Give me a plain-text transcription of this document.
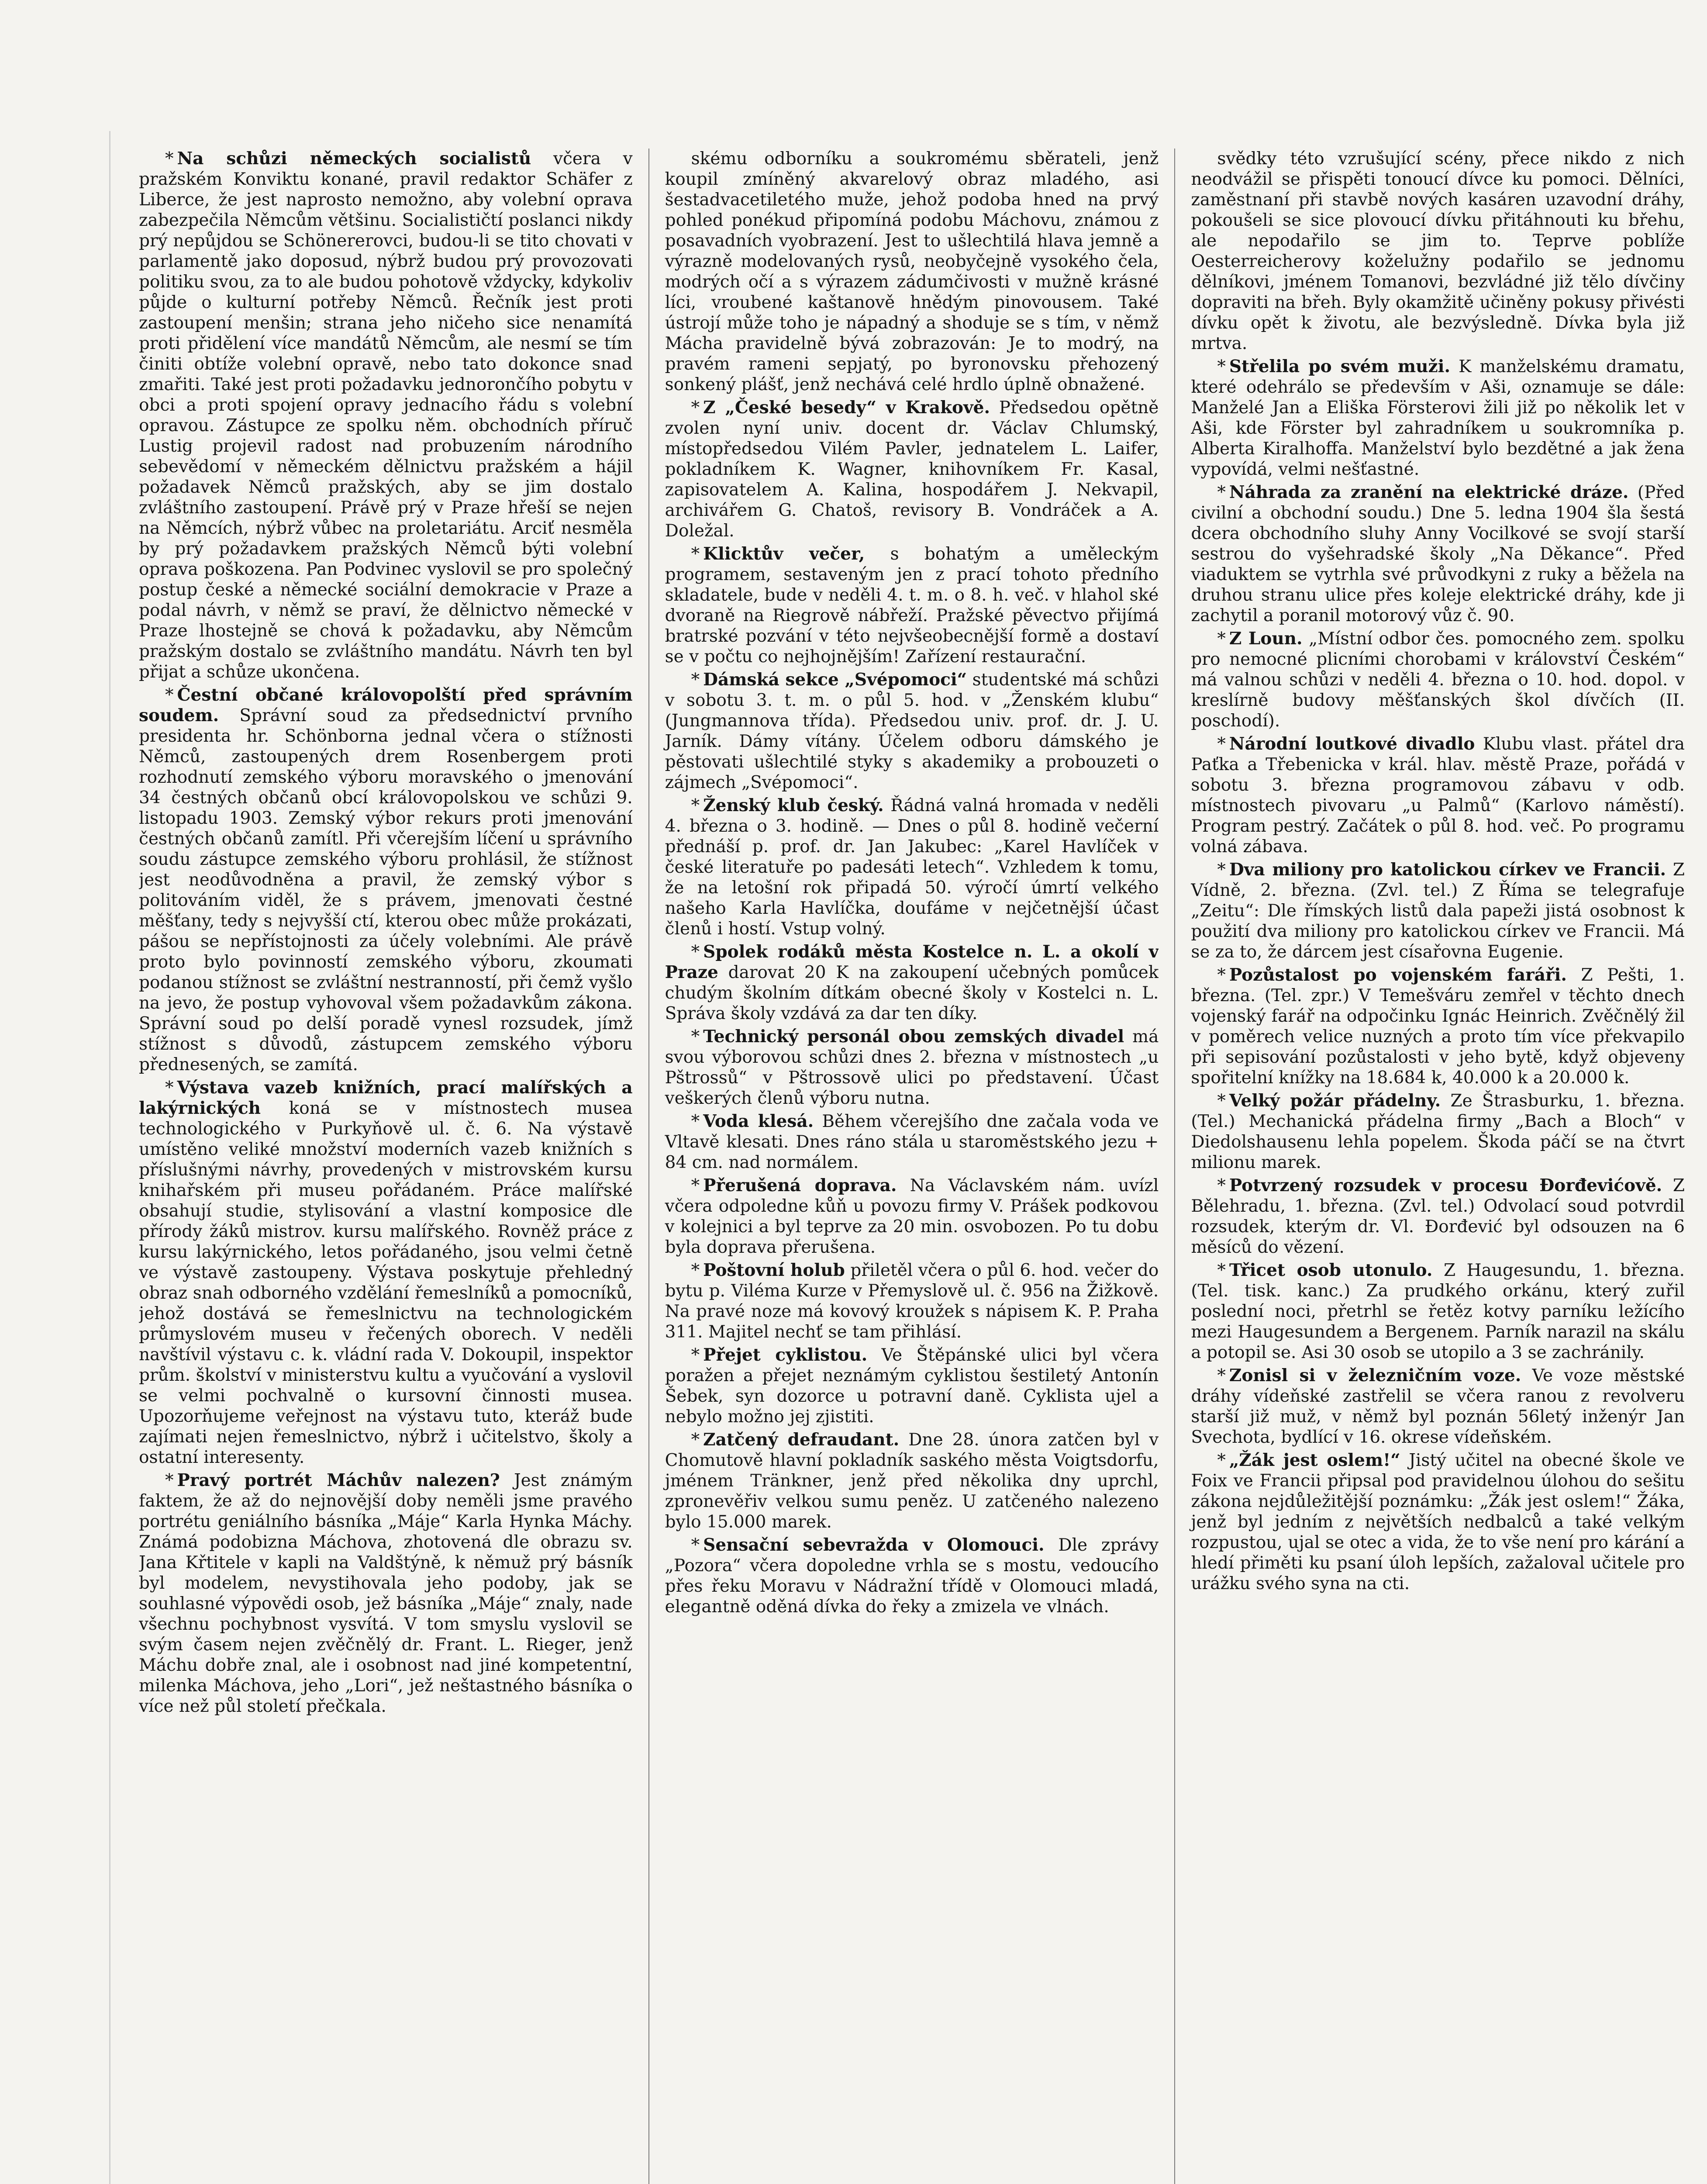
* Na schůzi německých socialistů včera v pražském Konviktu konané, pravil redaktor Schäfer z Liberce, že jest naprosto nemožno, aby volební oprava zabezpečila Němcům většinu. Socialističtí poslanci nikdy prý nepůjdou se Schönererovci, budou-li se tito chovati v parlamentě jako doposud, nýbrž budou prý provozovati politiku svou, za to ale budou pohotově vždycky, kdykoliv půjde o kulturní potřeby Němců. Řečník jest proti zastoupení menšin; strana jeho ničeho sice nenamítá proti přidělení více mandátů Němcům, ale nesmí se tím činiti obtíže volební opravě, nebo tato dokonce snad zmařiti. Také jest proti požadavku jednorončího pobytu v obci a proti spojení opravy jednacího řádu s volební opravou. Zástupce ze spolku něm. obchodních příruč Lustig projevil radost nad probuzením národního sebevědomí v německém dělnictvu pražském a hájil požadavek Němců pražských, aby se jim dostalo zvláštního zastoupení. Právě prý v Praze hřeší se nejen na Němcích, nýbrž vůbec na proletariátu. Arciť nesměla by prý požadavkem pražských Němců býti volební oprava poškozena. Pan Podvinec vyslovil se pro společný postup české a německé sociální demokracie v Praze a podal návrh, v němž se praví, že dělnictvo německé v Praze lhostejně se chová k požadavku, aby Němcům pražským dostalo se zvláštního mandátu. Návrh ten byl přijat a schůze ukončena.

* Čestní občané královopolští před správním soudem. Správní soud za předsednictví prvního presidenta hr. Schönborna jednal včera o stížnosti Němců, zastoupených drem Rosenbergem proti rozhodnutí zemského výboru moravského o jmenování 34 čestných občanů obcí královopolskou ve schůzi 9. listopadu 1903. Zemský výbor rekurs proti jmenování čestných občanů zamítl. Při včerejším líčení u správního soudu zástupce zemského výboru prohlásil, že stížnost jest neodůvodněna a pravil, že zemský výbor s politováním viděl, že s právem, jmenovati čestné měšťany, tedy s nejvyšší ctí, kterou obec může prokázati, pášou se nepřístojnosti za účely volebními. Ale právě proto bylo povinností zemského výboru, zkoumati podanou stížnost se zvláštní nestranností, při čemž vyšlo na jevo, že postup vyhovoval všem požadavkům zákona. Správní soud po delší poradě vynesl rozsudek, jímž stížnost s důvodů, zástupcem zemského výboru přednesených, se zamítá.

* Výstava vazeb knižních, prací malířských a lakýrnických koná se v místnostech musea technologického v Purkyňově ul. č. 6. Na výstavě umístěno veliké množství moderních vazeb knižních s příslušnými návrhy, provedených v mistrovském kursu knihařském při museu pořádaném. Práce malířské obsahují studie, stylisování a vlastní komposice dle přírody žáků mistrov. kursu malířského. Rovněž práce z kursu lakýrnického, letos pořádaného, jsou velmi četně ve výstavě zastoupeny. Výstava poskytuje přehledný obraz snah odborného vzdělání řemeslníků a pomocníků, jehož dostává se řemeslnictvu na technologickém průmyslovém museu v řečených oborech. V neděli navštívil výstavu c. k. vládní rada V. Dokoupil, inspektor prům. školství v ministerstvu kultu a vyučování a vyslovil se velmi pochvalně o kursovní činnosti musea. Upozorňujeme veřejnost na výstavu tuto, kteráž bude zajímati nejen řemeslnictvo, nýbrž i učitelstvo, školy a ostatní interesenty.

* Pravý portrét Máchův nalezen? Jest známým faktem, že až do nejnovější doby neměli jsme pravého portrétu geniálního básníka „Máje“ Karla Hynka Máchy. Známá podobizna Máchova, zhotovená dle obrazu sv. Jana Křtitele v kapli na Valdštýně, k němuž prý básník byl modelem, nevystihovala jeho podoby, jak se souhlasné výpovědi osob, jež básníka „Máje“ znaly, nade všechnu pochybnost vysvítá. V tom smyslu vyslovil se svým časem nejen zvěčnělý dr. Frant. L. Rieger, jenž Máchu dobře znal, ale i osobnost nad jiné kompetentní, milenka Máchova, jeho „Lori“, jež neštastného básníka o více než půl století přečkala.

skému odborníku a soukromému sběrateli, jenž koupil zmíněný akvarelový obraz mladého, asi šestadvacetiletého muže, jehož podoba hned na prvý pohled ponékud připomíná podobu Máchovu, známou z posavadních vyobrazení. Jest to ušlechtilá hlava jemně a výrazně modelovaných rysů, neobyčejně vysokého čela, modrých očí a s výrazem zádumčivosti v mužně krásné líci, vroubené kaštanově hnědým pinovousem. Také ústrojí může toho je nápadný a shoduje se s tím, v němž Mácha pravidelně bývá zobrazován: Je to modrý, na pravém rameni sepjatý, po byronovsku přehozený sonkený plášť, jenž nechává celé hrdlo úplně obnažené.

* Z „České besedy“ v Krakově. Předsedou opětně zvolen nyní univ. docent dr. Václav Chlumský, místopředsedou Vilém Pavler, jednatelem L. Laifer, pokladníkem K. Wagner, knihovníkem Fr. Kasal, zapisovatelem A. Kalina, hospodářem J. Nekvapil, archivářem G. Chatoš, revisory B. Vondráček a A. Doležal.

* Klicktův večer, s bohatým a uměleckým programem, sestaveným jen z prací tohoto předního skladatele, bude v neděli 4. t. m. o 8. h. več. v hlahol ské dvoraně na Riegrově nábřeží. Pražské pěvectvo přijímá bratrské pozvání v této nejvšeobecnější formě a dostaví se v počtu co nejhojnějším! Zařízení restaurační.

* Dámská sekce „Svépomoci“ studentské má schůzi v sobotu 3. t. m. o půl 5. hod. v „Ženském klubu“ (Jungmannova třída). Předsedou univ. prof. dr. J. U. Jarník. Dámy vítány. Účelem odboru dámského je pěstovati ušlechtilé styky s akademiky a probouzeti o zájmech „Svépomoci“.

* Ženský klub český. Řádná valná hromada v neděli 4. března o 3. hodině. — Dnes o půl 8. hodině večerní přednáší p. prof. dr. Jan Jakubec: „Karel Havlíček v české literatuře po padesáti letech“. Vzhledem k tomu, že na letošní rok připadá 50. výročí úmrtí velkého našeho Karla Havlíčka, doufáme v nejčetnější účast členů i hostí. Vstup volný.

* Spolek rodáků města Kostelce n. L. a okolí v Praze darovat 20 K na zakoupení učebných pomůcek chudým školním dítkám obecné školy v Kostelci n. L. Správa školy vzdává za dar ten díky.

* Technický personál obou zemských divadel má svou výborovou schůzi dnes 2. března v místnostech „u Pštrossů“ v Pštrossově ulici po představení. Účast veškerých členů výboru nutna.

* Voda klesá. Během včerejšího dne začala voda ve Vltavě klesati. Dnes ráno stála u staroměstského jezu + 84 cm. nad normálem.

* Přerušená doprava. Na Václavském nám. uvízl včera odpoledne kůň u povozu firmy V. Prášek podkovou v kolejnici a byl teprve za 20 min. osvobozen. Po tu dobu byla doprava přerušena.

* Poštovní holub přiletěl včera o půl 6. hod. večer do bytu p. Viléma Kurze v Přemyslově ul. č. 956 na Žižkově. Na pravé noze má kovový kroužek s nápisem K. P. Praha 311. Majitel nechť se tam přihlásí.

* Přejet cyklistou. Ve Štěpánské ulici byl včera poražen a přejet neznámým cyklistou šestiletý Antonín Šebek, syn dozorce u potravní daně. Cyklista ujel a nebylo možno jej zjistiti.

* Zatčený defraudant. Dne 28. února zatčen byl v Chomutově hlavní pokladník saského města Voigtsdorfu, jménem Tränkner, jenž před několika dny uprchl, zpronevěřiv velkou sumu peněz. U zatčeného nalezeno bylo 15.000 marek.

* Sensační sebevražda v Olomouci. Dle zprávy „Pozora“ včera dopoledne vrhla se s mostu, vedoucího přes řeku Moravu v Nádražní třídě v Olomouci mladá, elegantně oděná dívka do řeky a zmizela ve vlnách.

svědky této vzrušující scény, přece nikdo z nich neodvážil se přispěti tonoucí dívce ku pomoci. Dělníci, zaměstnaní při stavbě nových kasáren uzavodní dráhy, pokoušeli se sice plovoucí dívku přitáhnouti ku břehu, ale nepodařilo se jim to. Teprve poblíže Oesterreicherovy koželužny podařilo se jednomu dělníkovi, jménem Tomanovi, bezvládné již tělo dívčiny dopraviti na břeh. Byly okamžitě učiněny pokusy přivésti dívku opět k životu, ale bezvýsledně. Dívka byla již mrtva.

* Střelila po svém muži. K manželskému dramatu, které odehrálo se především v Aši, oznamuje se dále: Manželé Jan a Eliška Försterovi žili již po několik let v Aši, kde Förster byl zahradníkem u soukromníka p. Alberta Kiralhoffa. Manželství bylo bezdětné a jak žena vypovídá, velmi nešťastné.

* Náhrada za zranění na elektrické dráze. (Před civilní a obchodní soudu.) Dne 5. ledna 1904 šla šestá dcera obchodního sluhy Anny Vocilkové se svojí starší sestrou do vyšehradské školy „Na Děkance“. Před viaduktem se vytrhla své průvodkyni z ruky a běžela na druhou stranu ulice přes koleje elektrické dráhy, kde ji zachytil a poranil motorový vůz č. 90.

* Z Loun. „Místní odbor čes. pomocného zem. spolku pro nemocné plicními chorobami v království Českém“ má valnou schůzi v neděli 4. března o 10. hod. dopol. v kreslírně budovy měšťanských škol dívčích (II. poschodí).

* Národní loutkové divadlo Klubu vlast. přátel dra Paťka a Třebenicka v král. hlav. městě Praze, pořádá v sobotu 3. března programovou zábavu v odb. místnostech pivovaru „u Palmů“ (Karlovo náměstí). Program pestrý. Začátek o půl 8. hod. več. Po programu volná zábava.

* Dva miliony pro katolickou církev ve Francii. Z Vídně, 2. března. (Zvl. tel.) Z Říma se telegrafuje „Zeitu“: Dle římských listů dala papeži jistá osobnost k použití dva miliony pro katolickou církev ve Francii. Má se za to, že dárcem jest císařovna Eugenie.

* Pozůstalost po vojenském faráři. Z Pešti, 1. března. (Tel. zpr.) V Temešváru zemřel v těchto dnech vojenský farář na odpočinku Ignác Heinrich. Zvěčnělý žil v poměrech velice nuzných a proto tím více překvapilo při sepisování pozůstalosti v jeho bytě, když objeveny spořitelní knížky na 18.684 k, 40.000 k a 20.000 k.

* Velký požár přádelny. Ze Štrasburku, 1. března. (Tel.) Mechanická přádelna firmy „Bach a Bloch“ v Diedolshausenu lehla popelem. Škoda páčí se na čtvrt milionu marek.

* Potvrzený rozsudek v procesu Đorđevićově. Z Bělehradu, 1. března. (Zvl. tel.) Odvolací soud potvrdil rozsudek, kterým dr. Vl. Đorđević byl odsouzen na 6 měsíců do vězení.

* Třicet osob utonulo. Z Haugesundu, 1. března. (Tel. tisk. kanc.) Za prudkého orkánu, který zuřil poslední noci, přetrhl se řetěz kotvy parníku ležícího mezi Haugesundem a Bergenem. Parník narazil na skálu a potopil se. Asi 30 osob se utopilo a 3 se zachránily.

* Zonisl si v železničním voze. Ve voze městské dráhy vídeňské zastřelil se včera ranou z revolveru starší již muž, v němž byl poznán 56letý inženýr Jan Svechota, bydlící v 16. okrese vídeňském.

* „Žák jest oslem!“ Jistý učitel na obecné škole ve Foix ve Francii připsal pod pravidelnou úlohou do sešitu zákona nejdůležitější poznámku: „Žák jest oslem!“ Žáka, jenž byl jedním z největších nedbalců a také velkým rozpustou, ujal se otec a vida, že to vše není pro kárání a hledí přiměti ku psaní úloh lepších, zažaloval učitele pro urážku svého syna na cti.
